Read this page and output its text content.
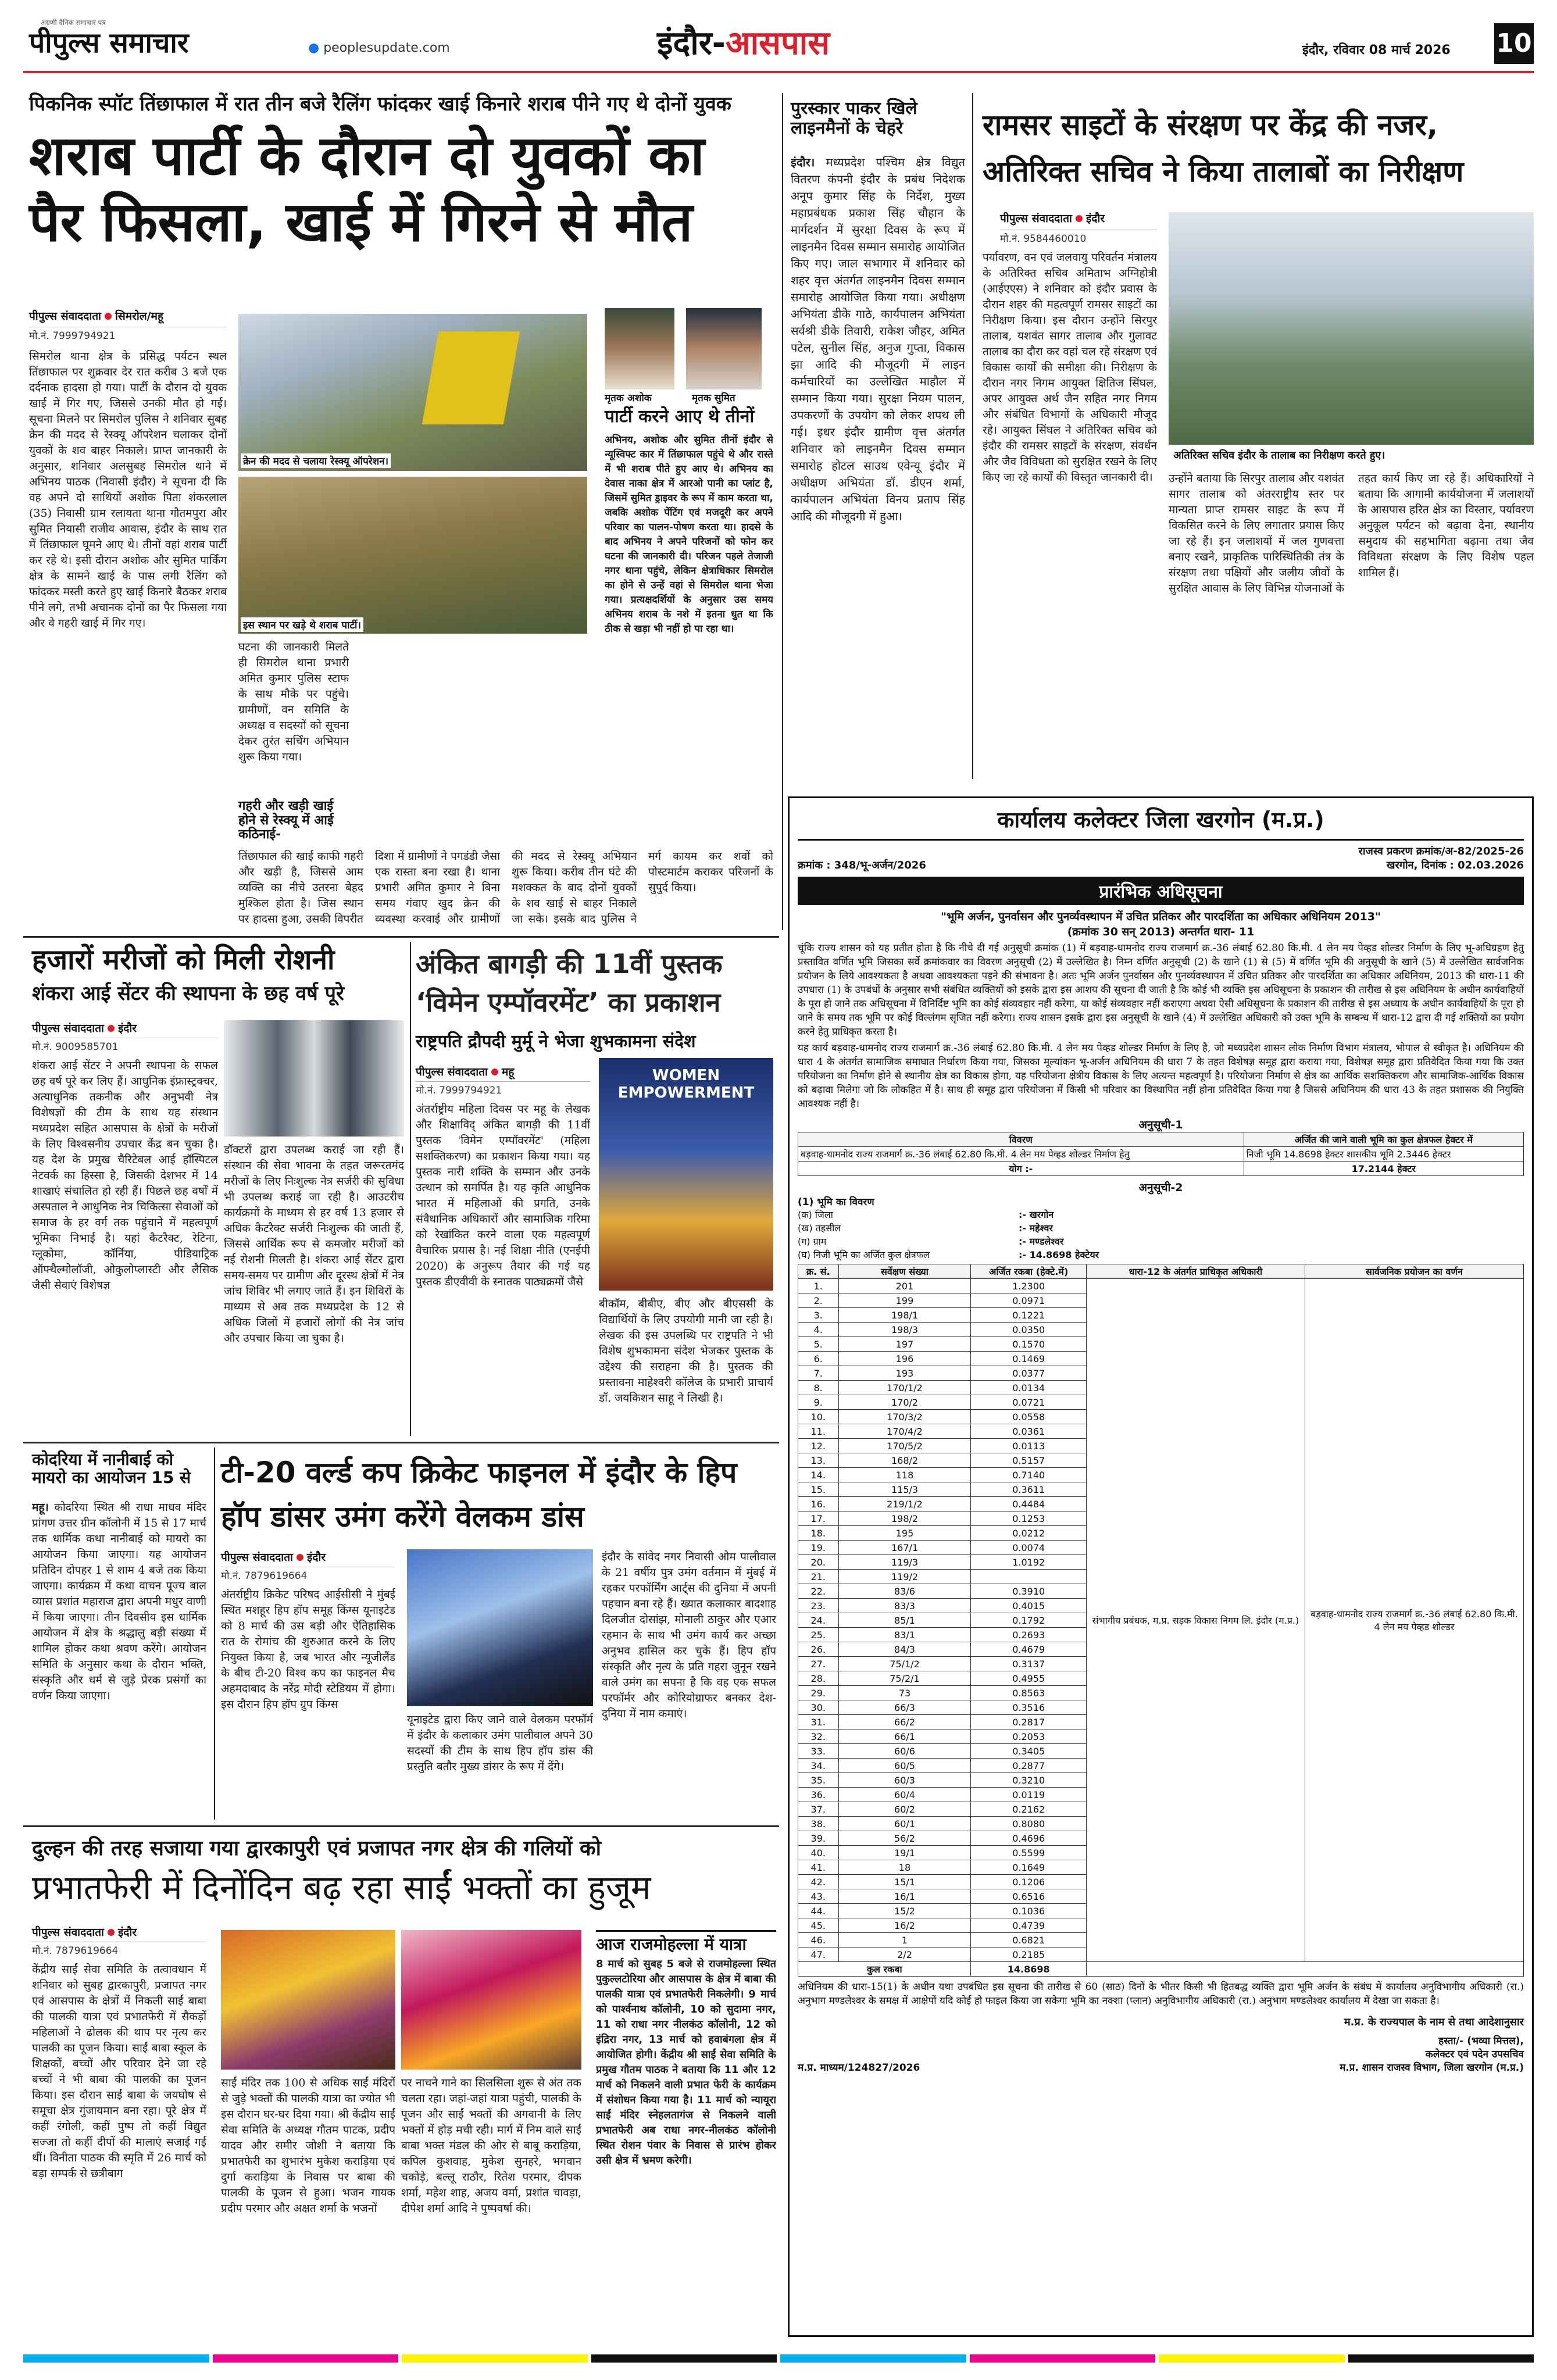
अग्रणी दैनिक समाचार पत्र
पीपुल्स समाचार	● peoplesupdate.com	इंदौर-आसपास	इंदौर, रविवार 08 मार्च 2026 10
पिकनिक स्पॉट तिंछाफाल में रात तीन बजे रैलिंग फांदकर खाई किनारे शराब पीने गए थे दोनों युवक
शराब पार्टी के दौरान दो युवकों का पैर फिसला, खाई में गिरने से मौत
पीपुल्स संवाददाता सिमरोल/महू
मो.नं. 7999794921
सिमरोल थाना क्षेत्र के प्रसिद्ध पर्यटन स्थल तिंछाफाल पर शुक्रवार देर रात करीब 3 बजे एक दर्दनाक हादसा हो गया। पार्टी के दौरान दो युवक खाई में गिर गए, जिससे उनकी मौत हो गई। सूचना मिलने पर सिमरोल पुलिस ने शनिवार सुबह क्रेन की मदद से रेस्क्यू ऑपरेशन चलाकर दोनों युवकों के शव बाहर निकाले। प्राप्त जानकारी के अनुसार, शनिवार अलसुबह सिमरोल थाने में अभिनय पाठक (निवासी इंदौर) ने सूचना दी कि वह अपने दो साथियों अशोक पिता शंकरलाल (35) निवासी ग्राम रलायता थाना गौतमपुरा और सुमित नियासी राजीव आवास, इंदौर के साथ रात में तिंछाफाल घूमने आए थे। तीनों वहां शराब पार्टी कर रहे थे। इसी दौरान अशोक और सुमित पार्किंग क्षेत्र के सामने खाई के पास लगी रैलिंग को फांदकर मस्ती करते हुए खाई किनारे बैठकर शराब पीने लगे, तभी अचानक दोनों का पैर फिसला गया और वे गहरी खाई में गिर गए।
क्रेन की मदद से चलाया रेस्क्यू ऑपरेशन।
इस स्थान पर खड़े थे शराब पार्टी।
मृतक अशोक	मृतक सुमित
पार्टी करने आए थे तीनों
अभिनय, अशोक और सुमित तीनों इंदौर से न्यूस्विफ्ट कार में तिंछाफाल पहुंचे थे और रास्ते में भी शराब पीते हुए आए थे। अभिनय का देवास नाका क्षेत्र में आरओ पानी का प्लांट है, जिसमें सुमित ड्राइवर के रूप में काम करता था, जबकि अशोक पेंटिंग एवं मजदूरी कर अपने परिवार का पालन-पोषण करता था। हादसे के बाद अभिनय ने अपने परिजनों को फोन कर घटना की जानकारी दी। परिजन पहले तेजाजी नगर थाना पहुंचे, लेकिन क्षेत्राधिकार सिमरोल का होने से उन्हें वहां से सिमरोल थाना भेजा गया। प्रत्यक्षदर्शियों के अनुसार उस समय अभिनय शराब के नशे में इतना धुत था कि ठीक से खड़ा भी नहीं हो पा रहा था।
घटना की जानकारी मिलते ही सिमरोल थाना प्रभारी अमित कुमार पुलिस स्टाफ के साथ मौके पर पहुंचे। ग्रामीणों, वन समिति के अध्यक्ष व सदस्यों को सूचना देकर तुरंत सर्चिंग अभियान शुरू किया गया।
गहरी और खड़ी खाई होने से रेस्क्यू में आई कठिनाई-
तिंछाफाल की खाई काफी गहरी और खड़ी है, जिससे आम व्यक्ति का नीचे उतरना बेहद मुश्किल होता है। जिस स्थान पर हादसा हुआ, उसकी विपरीत दिशा में ग्रामीणों ने पगडंडी जैसा एक रास्ता बना रखा है। थाना प्रभारी अमित कुमार ने बिना समय गंवाए खुद क्रेन की व्यवस्था करवाई और ग्रामीणों की मदद से रेस्क्यू अभियान शुरू किया। करीब तीन घंटे की मशक्कत के बाद दोनों युवकों के शव खाई से बाहर निकाले जा सके। इसके बाद पुलिस ने मर्ग कायम कर शवों को पोस्टमार्टम कराकर परिजनों के सुपुर्द किया।
पुरस्कार पाकर खिले लाइनमैनों के चेहरे
इंदौर। मध्यप्रदेश पश्चिम क्षेत्र विद्युत वितरण कंपनी इंदौर के प्रबंध निदेशक अनूप कुमार सिंह के निर्देश, मुख्य महाप्रबंधक प्रकाश सिंह चौहान के मार्गदर्शन में सुरक्षा दिवस के रूप में लाइनमैन दिवस सम्मान समारोह आयोजित किए गए। जाल सभागार में शनिवार को शहर वृत्त अंतर्गत लाइनमैन दिवस सम्मान समारोह आयोजित किया गया। अधीक्षण अभियंता डीके गाठे, कार्यपालन अभियंता सर्वश्री डीके तिवारी, राकेश जौहर, अमित पटेल, सुनील सिंह, अनुज गुप्ता, विकास झा आदि की मौजूदगी में लाइन कर्मचारियों का उल्लेखित माहौल में सम्मान किया गया। सुरक्षा नियम पालन, उपकरणों के उपयोग को लेकर शपथ ली गई। इधर इंदौर ग्रामीण वृत्त अंतर्गत शनिवार को लाइनमैन दिवस सम्मान समारोह होटल साउथ एवेन्यू इंदौर में अधीक्षण अभियंता डॉ. डीएन शर्मा, कार्यपालन अभियंता विनय प्रताप सिंह आदि की मौजूदगी में हुआ।
रामसर साइटों के संरक्षण पर केंद्र की नजर, अतिरिक्त सचिव ने किया तालाबों का निरीक्षण
पीपुल्स संवाददाता इंदौर
मो.नं. 9584460010
अतिरिक्त सचिव इंदौर के तालाब का निरीक्षण करते हुए।
पर्यावरण, वन एवं जलवायु परिवर्तन मंत्रालय के अतिरिक्त सचिव अमिताभ अग्निहोत्री (आईएएस) ने शनिवार को इंदौर प्रवास के दौरान शहर की महत्वपूर्ण रामसर साइटों का निरीक्षण किया। इस दौरान उन्होंने सिरपुर तालाब, यशवंत सागर तालाब और गुलावट तालाब का दौरा कर वहां चल रहे संरक्षण एवं विकास कार्यों की समीक्षा की। निरीक्षण के दौरान नगर निगम आयुक्त क्षितिज सिंघल, अपर आयुक्त अर्थ जैन सहित नगर निगम और संबंधित विभागों के अधिकारी मौजूद रहे। आयुक्त सिंघल ने अतिरिक्त सचिव को इंदौर की रामसर साइटों के संरक्षण, संवर्धन और जैव विविधता को सुरक्षित रखने के लिए किए जा रहे कार्यों की विस्तृत जानकारी दी।	उन्होंने बताया कि सिरपुर तालाब और यशवंत सागर तालाब को अंतरराष्ट्रीय स्तर पर मान्यता प्राप्त रामसर साइट के रूप में विकसित करने के लिए लगातार प्रयास किए जा रहे हैं। इन जलाशयों में जल गुणवत्ता बनाए रखने, प्राकृतिक पारिस्थितिकी तंत्र के संरक्षण तथा पक्षियों और जलीय जीवों के सुरक्षित आवास के लिए विभिन्न योजनाओं के तहत कार्य किए जा रहे हैं। अधिकारियों ने बताया कि आगामी कार्ययोजना में जलाशयों के आसपास हरित क्षेत्र का विस्तार, पर्यावरण अनुकूल पर्यटन को बढ़ावा देना, स्थानीय समुदाय की सहभागिता बढ़ाना तथा जैव विविधता संरक्षण के लिए विशेष पहल शामिल हैं।
कार्यालय कलेक्टर जिला खरगोन (म.प्र.)
राजस्व प्रकरण क्रमांक/अ-82/2025-26
क्रमांक : 348/भू-अर्जन/2026	खरगोन, दिनांक : 02.03.2026
प्रारंभिक अधिसूचना
"भूमि अर्जन, पुनर्वासन और पुनर्व्यवस्थापन में उचित प्रतिकर और पारदर्शिता का अधिकार अधिनियम 2013"
(क्रमांक 30 सन् 2013) अन्तर्गत धारा- 11
चूंकि राज्य शासन को यह प्रतीत होता है कि नीचे दी गई अनुसूची क्रमांक (1) में बड़वाह-धामनोद राज्य राजमार्ग क्र.-36 लंबाई 62.80 कि.मी. 4 लेन मय पेव्हड शोल्डर निर्माण के लिए भू-अधिग्रहण हेतु प्रस्तावित वर्णित भूमि जिसका सर्वे क्रमांकवार का विवरण अनुसूची (2) में उल्लेखित है। निम्न वर्णित अनुसूची (2) के खाने (1) से (5) में वर्णित भूमि की अनुसूची के खाने (5) में उल्लेखित सार्वजनिक प्रयोजन के लिये आवश्यकता है अथवा आवश्यकता पड़ने की संभावना है। अतः भूमि अर्जन पुनर्वासन और पुनर्व्यवस्थापन में उचित प्रतिकर और पारदर्शिता का अधिकार अधिनियम, 2013 की धारा-11 की उपधारा (1) के उपबंधों के अनुसार सभी संबंधित व्यक्तियों को इसके द्वारा इस आशय की सूचना दी जाती है कि कोई भी व्यक्ति इस अधिसूचना के प्रकाशन की तारीख से इस अधिनियम के अधीन कार्यवाहियों के पूरा हो जाने तक अधिसूचना में विनिर्दिष्ट भूमि का कोई संव्यवहार नहीं करेगा, या कोई संव्यवहार नहीं कराएगा अथवा ऐसी अधिसूचना के प्रकाशन की तारीख से इस अध्याय के अधीन कार्यवाहियों के पूरा हो जाने के समय तक भूमि पर कोई विल्लंगम सृजित नहीं करेगा। राज्य शासन इसके द्वारा इस अनुसूची के खाने (4) में उल्लेखित अधिकारी को उक्त भूमि के सम्बन्ध में धारा-12 द्वारा दी गई शक्तियों का प्रयोग करने हेतु प्राधिकृत करता है।
यह कार्य बड़वाह-धामनोद राज्य राजमार्ग क्र.-36 लंबाई 62.80 कि.मी. 4 लेन मय पेव्हड शोल्डर निर्माण के लिए है, जो मध्यप्रदेश शासन लोक निर्माण विभाग मंत्रालय, भोपाल से स्वीकृत है। अधिनियम की धारा 4 के अंतर्गत सामाजिक समाघात निर्धारण किया गया, जिसका मूल्यांकन भू-अर्जन अधिनियम की धारा 7 के तहत विशेषज्ञ समूह द्वारा कराया गया, विशेषज्ञ समूह द्वारा प्रतिवेदित किया गया कि उक्त परियोजना का निर्माण होने से स्थानीय क्षेत्र का विकास होगा, यह परियोजना क्षेत्रीय विकास के लिए अत्यन्त महत्वपूर्ण है। परियोजना निर्माण से क्षेत्र का आर्थिक सशक्तिकरण और सामाजिक-आर्थिक विकास को बढ़ावा मिलेगा जो कि लोकहित में है। साथ ही समूह द्वारा परियोजना में किसी भी परिवार का विस्थापित नहीं होना प्रतिवेदित किया गया है जिससे अधिनियम की धारा 43 के तहत प्रशासक की नियुक्ति आवश्यक नहीं है।
अनुसूची-1
विवरण	अर्जित की जाने वाली भूमि का कुल क्षेत्रफल हेक्टर में
बड़वाह-धामनोद राज्य राजमार्ग क्र.-36 लंबाई 62.80 कि.मी. 4 लेन मय पेव्हड शोल्डर निर्माण हेतु	निजी भूमि 14.8698 हेक्टर शासकीय भूमि 2.3446 हेक्टर
योग :-	17.2144 हेक्टर
अनुसूची-2
(1) भूमि का विवरण
(क) जिला	:- खरगोन
(ख) तहसील	:- महेश्वर
(ग) ग्राम	:- मण्डलेश्वर
(घ) निजी भूमि का अर्जित कुल क्षेत्रफल	:- 14.8698 हेक्टेयर
क्र. सं.	सर्वेक्षण संख्या	अर्जित रकबा (हेक्टे.में)	धारा-12 के अंतर्गत प्राधिकृत अधिकारी	सार्वजनिक प्रयोजन का वर्णन
1.	201	1.2300	संभागीय प्रबंधक, म.प्र. सड़क विकास निगम लि. इंदौर (म.प्र.)	बड़वाह-धामनोद राज्य राजमार्ग क्र.-36 लंबाई 62.80 कि.मी. 4 लेन मय पेव्हड शोल्डर
2.	199	0.0971		
3.	198/1	0.1221		
4.	198/3	0.0350		
5.	197	0.1570		
6.	196	0.1469		
7.	193	0.0377		
8.	170/1/2	0.0134		
9.	170/2	0.0721		
10.	170/3/2	0.0558		
11.	170/4/2	0.0361		
12.	170/5/2	0.0113		
13.	168/2	0.5157		
14.	118	0.7140		
15.	115/3	0.3611		
16.	219/1/2	0.4484		
17.	198/2	0.1253		
18.	195	0.0212		
19.	167/1	0.0074		
20.	119/3	1.0192		
21.	119/2			
22.	83/6	0.3910		
23.	83/3	0.4015		
24.	85/1	0.1792		
25.	83/1	0.2693		
26.	84/3	0.4679		
27.	75/1/2	0.3137		
28.	75/2/1	0.4955		
29.	73	0.8563		
30.	66/3	0.3516		
31.	66/2	0.2817		
32.	66/1	0.2053		
33.	60/6	0.3405		
34.	60/5	0.2877		
35.	60/3	0.3210		
36.	60/4	0.0119		
37.	60/2	0.2162		
38.	60/1	0.8080		
39.	56/2	0.4696		
40.	19/1	0.5599		
41.	18	0.1649		
42.	15/1	0.1206		
43.	16/1	0.6516		
44.	15/2	0.1036		
45.	16/2	0.4739		
46.	1	0.6821		
47.	2/2	0.2185		
कुल रकबा		14.8698		
अधिनियम की धारा-15(1) के अधीन यथा उपबंधित इस सूचना की तारीख से 60 (साठ) दिनों के भीतर किसी भी हितबद्ध व्यक्ति द्वारा भूमि अर्जन के संबंध में कार्यालय अनुविभागीय अधिकारी (रा.) अनुभाग मण्डलेश्वर के समक्ष में आक्षेपों यदि कोई हो फाइल किया जा सकेगा भूमि का नक्शा (प्लान) अनुविभागीय अधिकारी (रा.) अनुभाग मण्डलेश्वर कार्यालय में देखा जा सकता है।
म.प्र. के राज्यपाल के नाम से तथा आदेशानुसार
हस्ता/- (भव्या मित्तल),
कलेक्टर एवं पदेन उपसचिव
म.प्र. माध्यम/124827/2026	म.प्र. शासन राजस्व विभाग, जिला खरगोन (म.प्र.)
हजारों मरीजों को मिली रोशनी
शंकरा आई सेंटर की स्थापना के छह वर्ष पूरे
पीपुल्स संवाददाता इंदौर
मो.नं. 9009585701
शंकरा आई सेंटर ने अपनी स्थापना के सफल छह वर्ष पूरे कर लिए हैं। आधुनिक इंफ्रास्ट्रक्चर, अत्याधुनिक तकनीक और अनुभवी नेत्र विशेषज्ञों की टीम के साथ यह संस्थान मध्यप्रदेश सहित आसपास के क्षेत्रों के मरीजों के लिए विश्वसनीय उपचार केंद्र बन चुका है। यह देश के प्रमुख चैरिटेबल आई हॉस्पिटल नेटवर्क का हिस्सा है, जिसकी देशभर में 14 शाखाएं संचालित हो रही हैं। पिछले छह वर्षों में अस्पताल ने आधुनिक नेत्र चिकित्सा सेवाओं को समाज के हर वर्ग तक पहुंचाने में महत्वपूर्ण भूमिका निभाई है। यहां कैटरैक्ट, रेटिना, ग्लूकोमा, कॉर्निया, पीडियाट्रिक ऑफ्थैल्मोलॉजी, ओकुलोप्लास्टी और लैसिक जैसी सेवाएं विशेषज्ञ
डॉक्टरों द्वारा उपलब्ध कराई जा रही हैं। संस्थान की सेवा भावना के तहत जरूरतमंद मरीजों के लिए निःशुल्क नेत्र सर्जरी की सुविधा भी उपलब्ध कराई जा रही है। आउटरीच कार्यक्रमों के माध्यम से हर वर्ष 13 हजार से अधिक कैटरैक्ट सर्जरी निःशुल्क की जाती हैं, जिससे आर्थिक रूप से कमजोर मरीजों को नई रोशनी मिलती है। शंकरा आई सेंटर द्वारा समय-समय पर ग्रामीण और दूरस्थ क्षेत्रों में नेत्र जांच शिविर भी लगाए जाते हैं। इन शिविरों के माध्यम से अब तक मध्यप्रदेश के 12 से अधिक जिलों में हजारों लोगों की नेत्र जांच और उपचार किया जा चुका है।
अंकित बागड़ी की 11वीं पुस्तक ‘विमेन एम्पॉवरमेंट’ का प्रकाशन
राष्ट्रपति द्रौपदी मुर्मू ने भेजा शुभकामना संदेश
पीपुल्स संवाददाता महू
मो.नं. 7999794921
WOMEN EMPOWERMENT
अंतर्राष्ट्रीय महिला दिवस पर महू के लेखक और शिक्षाविद् अंकित बागड़ी की 11वीं पुस्तक 'विमेन एम्पॉवरमेंट' (महिला सशक्तिकरण) का प्रकाशन किया गया। यह पुस्तक नारी शक्ति के सम्मान और उनके उत्थान को समर्पित है। यह कृति आधुनिक भारत में महिलाओं की प्रगति, उनके संवैधानिक अधिकारों और सामाजिक गरिमा को रेखांकित करने वाला एक महत्वपूर्ण वैचारिक प्रयास है। नई शिक्षा नीति (एनईपी 2020) के अनुरूप तैयार की गई यह पुस्तक डीएवीवी के स्नातक पाठ्यक्रमों जैसे
बीकॉम, बीबीए, बीए और बीएससी के विद्यार्थियों के लिए उपयोगी मानी जा रही है। लेखक की इस उपलब्धि पर राष्ट्रपति ने भी विशेष शुभकामना संदेश भेजकर पुस्तक के उद्देश्य की सराहना की है। पुस्तक की प्रस्तावना माहेश्वरी कॉलेज के प्रभारी प्राचार्य डॉ. जयकिशन साहू ने लिखी है।
कोदरिया में नानीबाई को मायरो का आयोजन 15 से
महू। कोदरिया स्थित श्री राधा माधव मंदिर प्रांगण उत्तर ग्रीन कॉलोनी में 15 से 17 मार्च तक धार्मिक कथा नानीबाई को मायरो का आयोजन किया जाएगा। यह आयोजन प्रतिदिन दोपहर 1 से शाम 4 बजे तक किया जाएगा। कार्यक्रम में कथा वाचन पूज्य बाल व्यास प्रशांत महाराज द्वारा अपनी मधुर वाणी में किया जाएगा। तीन दिवसीय इस धार्मिक आयोजन में क्षेत्र के श्रद्धालु बड़ी संख्या में शामिल होकर कथा श्रवण करेंगे। आयोजन समिति के अनुसार कथा के दौरान भक्ति, संस्कृति और धर्म से जुड़े प्रेरक प्रसंगों का वर्णन किया जाएगा।
टी-20 वर्ल्ड कप क्रिकेट फाइनल में इंदौर के हिप हॉप डांसर उमंग करेंगे वेलकम डांस
पीपुल्स संवाददाता इंदौर
मो.नं. 7879619664
अंतर्राष्ट्रीय क्रिकेट परिषद आईसीसी ने मुंबई स्थित मशहूर हिप हॉप समूह किंग्स यूनाइटेड को 8 मार्च की उस बड़ी और ऐतिहासिक रात के रोमांच की शुरुआत करने के लिए नियुक्त किया है, जब भारत और न्यूजीलैंड के बीच टी-20 विश्व कप का फाइनल मैच अहमदाबाद के नरेंद्र मोदी स्टेडियम में होगा। इस दौरान हिप हॉप ग्रुप किंग्स
यूनाइटेड द्वारा किए जाने वाले वेलकम परफॉर्म में इंदौर के कलाकार उमंग पालीवाल अपने 30 सदस्यों की टीम के साथ हिप हॉप डांस की प्रस्तुति बतौर मुख्य डांसर के रूप में देंगे।
इंदौर के सांवेद नगर निवासी ओम पालीवाल के 21 वर्षीय पुत्र उमंग वर्तमान में मुंबई में रहकर परफॉर्मिंग आर्ट्स की दुनिया में अपनी पहचान बना रहे हैं। ख्यात कलाकार बादशाह दिलजीत दोसांझ, मोनाली ठाकुर और एआर रहमान के साथ भी उमंग कार्य कर अच्छा अनुभव हासिल कर चुके हैं। हिप हॉप संस्कृति और नृत्य के प्रति गहरा जुनून रखने वाले उमंग का सपना है कि वह एक सफल परफॉर्मर और कोरियोग्राफर बनकर देश-दुनिया में नाम कमाएं।
दुल्हन की तरह सजाया गया द्वारकापुरी एवं प्रजापत नगर क्षेत्र की गलियों को
प्रभातफेरी में दिनोंदिन बढ़ रहा साईं भक्तों का हुजूम
पीपुल्स संवाददाता इंदौर
मो.नं. 7879619664
केंद्रीय साईं सेवा समिति के तत्वावधान में शनिवार को सुबह द्वारकापुरी, प्रजापत नगर एवं आसपास के क्षेत्रों में निकली साईं बाबा की पालकी यात्रा एवं प्रभातफेरी में सैकड़ों महिलाओं ने ढोलक की थाप पर नृत्य कर पालकी का पूजन किया। साईं बाबा स्कूल के शिक्षकों, बच्चों और परिवार देने जा रहे बच्चों ने भी बाबा की पालकी का पूजन किया। इस दौरान साईं बाबा के जयघोष से समूचा क्षेत्र गुंजायमान बना रहा। पूरे क्षेत्र में कहीं रंगोली, कहीं पुष्प तो कहीं विद्युत सज्जा तो कहीं दीपों की मालाएं सजाई गई थीं। विनीता पाठक की स्मृति में 26 मार्च को बड़ा सम्पर्क से छत्रीबाग
साईं मंदिर तक 100 से अधिक साईं मंदिरों से जुड़े भक्तों की पालकी यात्रा का ज्योत भी इस दौरान घर-घर दिया गया। श्री केंद्रीय साईं सेवा समिति के अध्यक्ष गौतम पाटक, प्रदीप यादव और समीर जोशी ने बताया कि प्रभातफेरी का शुभारंभ मुकेश कराड़िया एवं दुर्गा कराड़िया के निवास पर बाबा की पालकी के पूजन से हुआ। भजन गायक प्रदीप परमार और अक्षत शर्मा के भजनों
पर नाचने गाने का सिलसिला शुरू से अंत तक चलता रहा। जहां-जहां यात्रा पहुंची, पालकी के पूजन और साईं भक्तों की अगवानी के लिए भक्तों में होड़ मची रही। मार्ग में निम वाले साईं बाबा भक्त मंडल की ओर से बाबू कराड़िया, कपिल कुशवाह, मुकेश सुनहरे, भगवान चकोड़े, बल्लू राठौर, रितेश परमार, दीपक शर्मा, महेश शाह, अजय वर्मा, प्रशांत चावड़ा, दीपेश शर्मा आदि ने पुष्पवर्षा की।
आज राजमोहल्ला में यात्रा
8 मार्च को सुबह 5 बजे से राजमोहल्ला स्थित पुकुल्लटोरिया और आसपास के क्षेत्र में बाबा की पालकी यात्रा एवं प्रभातफेरी निकलेगी। 9 मार्च को पार्श्वनाथ कॉलोनी, 10 को सुदामा नगर, 11 को राधा नगर नीलकंठ कॉलोनी, 12 को इंद्रिरा नगर, 13 मार्च को हवाबंगला क्षेत्र में आयोजित होगी। केंद्रीय श्री साईं सेवा समिति के प्रमुख गौतम पाठक ने बताया कि 11 और 12 मार्च को निकलने वाली प्रभात फेरी के कार्यक्रम में संशोधन किया गया है। 11 मार्च को न्यायूरा साईं मंदिर स्नेहलतागंज से निकलने वाली प्रभातफेरी अब राधा नगर-नीलकंठ कॉलोनी स्थित रोशन पंवार के निवास से प्रारंभ होकर उसी क्षेत्र में भ्रमण करेगी।
